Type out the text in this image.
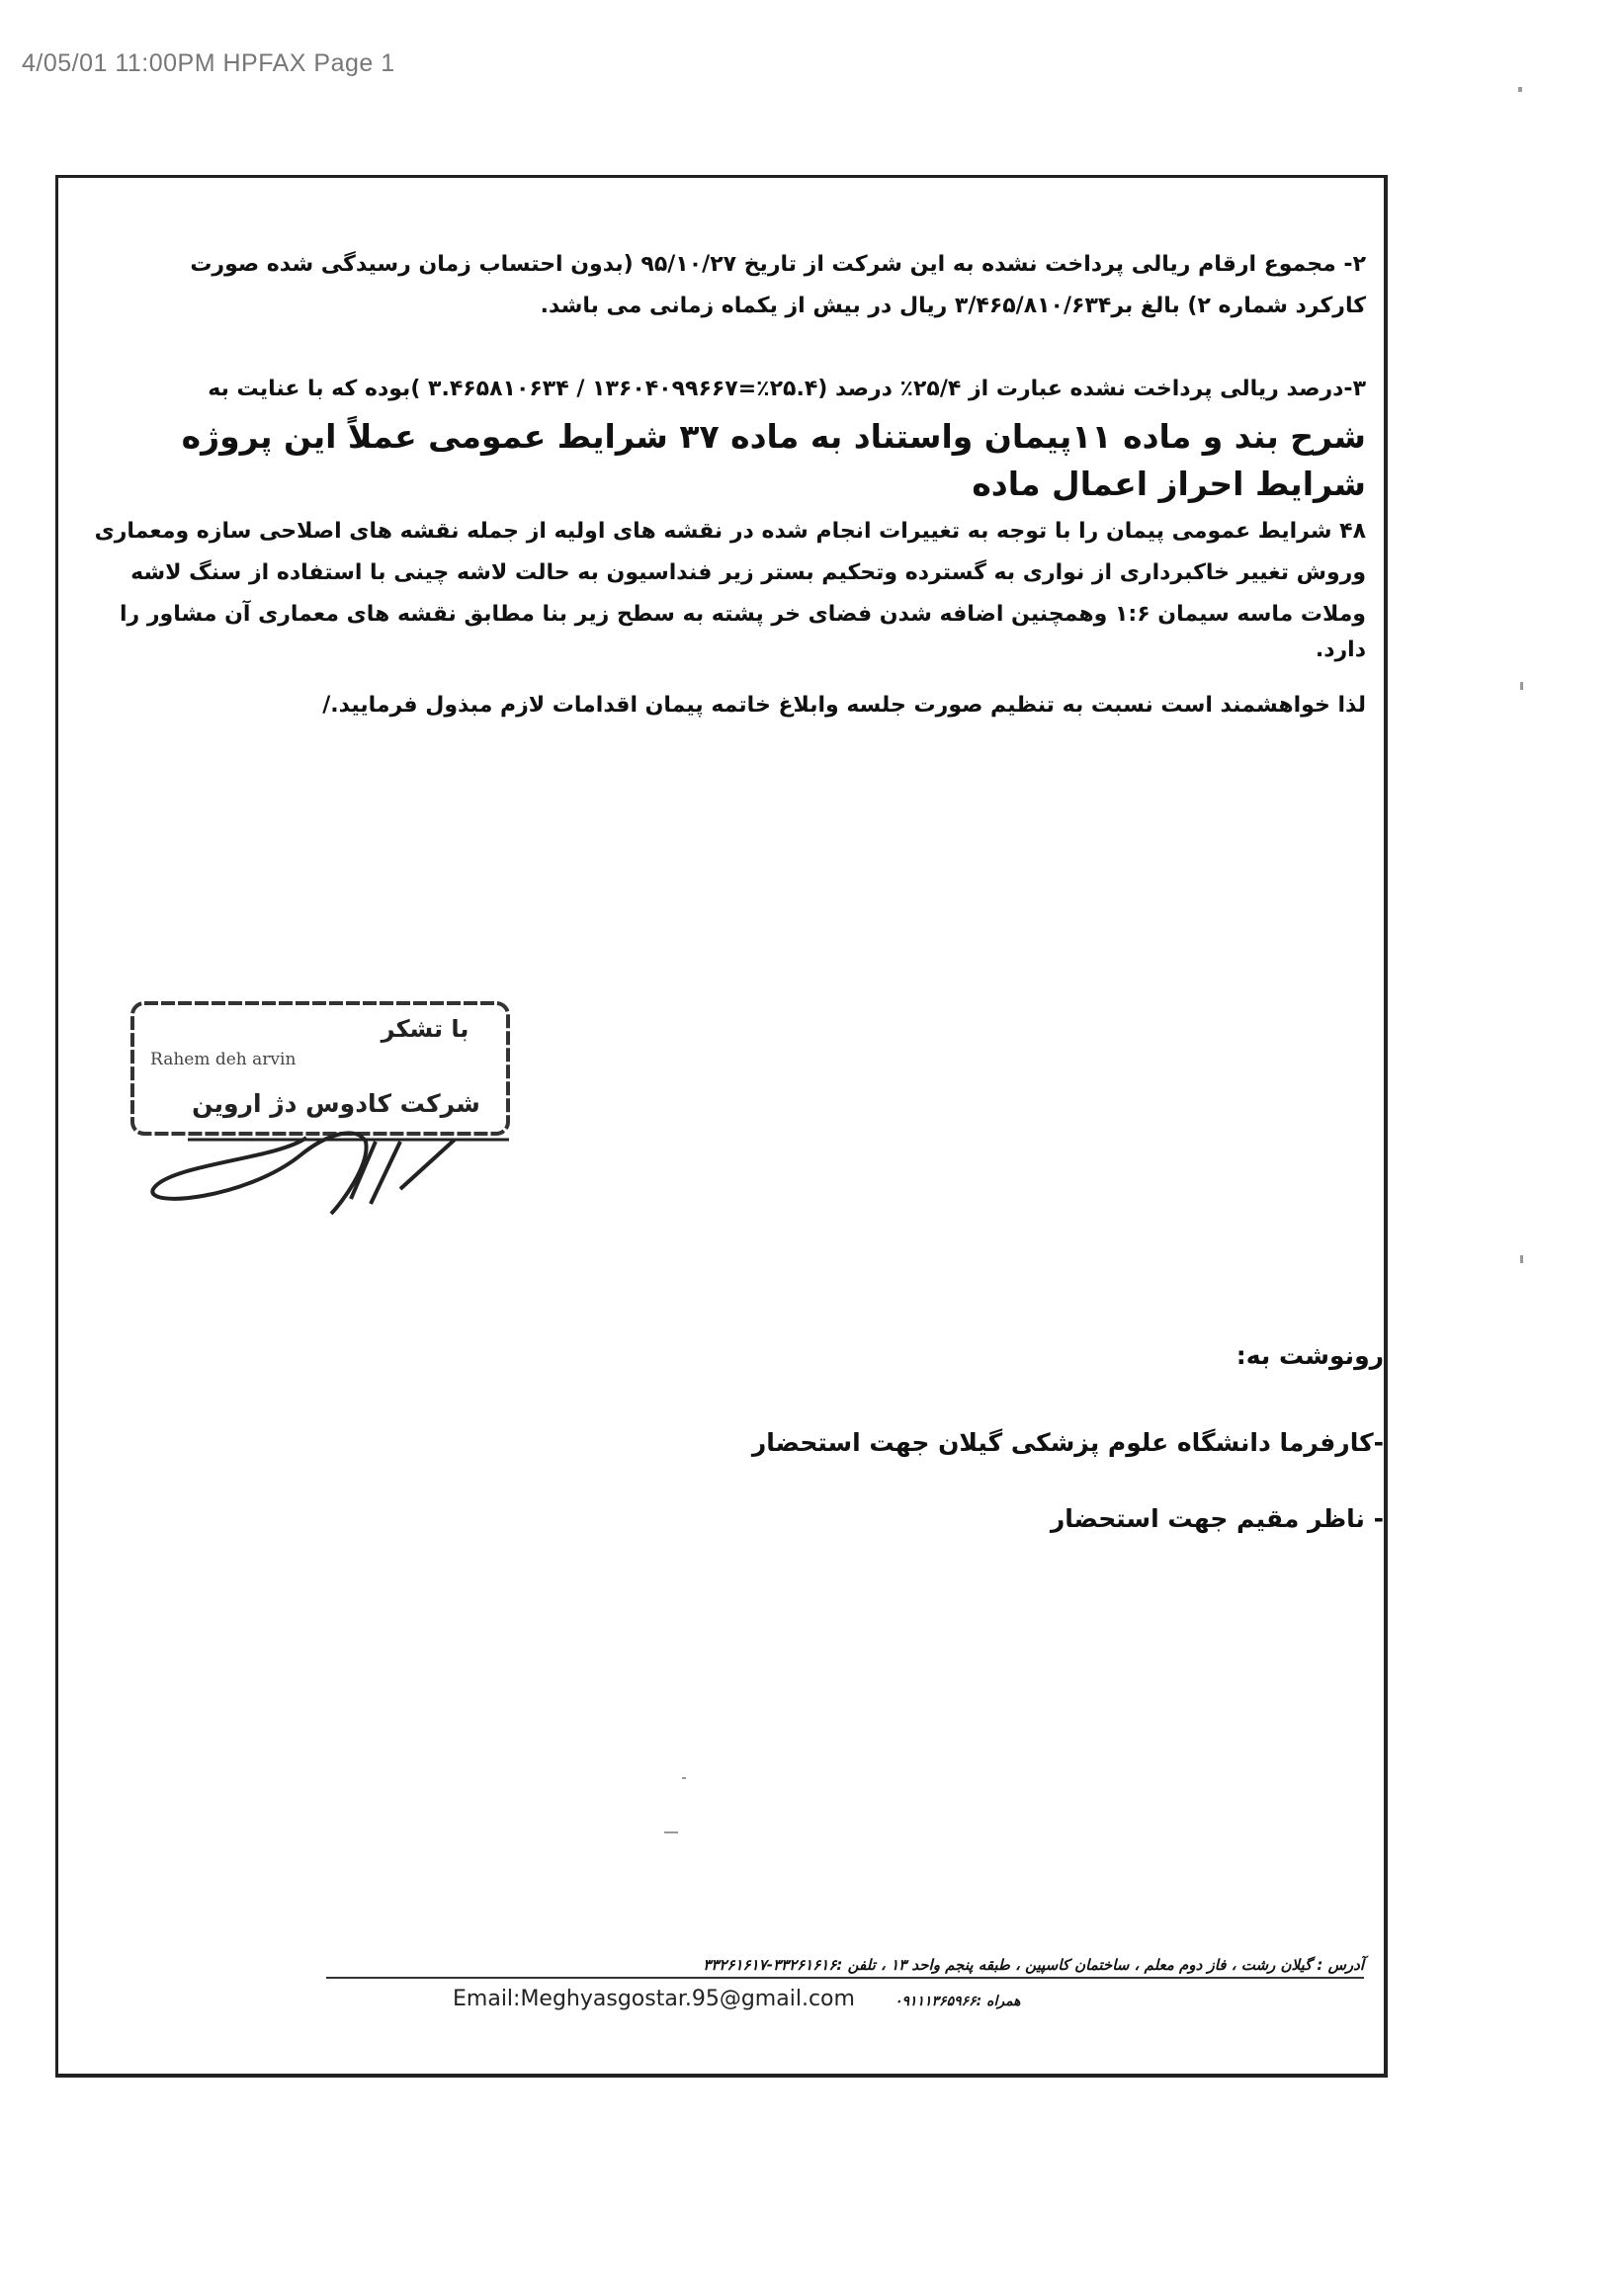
4/05/01 11:00PM HPFAX Page 1
۲- مجموع ارقام ریالی پرداخت نشده به این شرکت از تاریخ ۹۵/۱۰/۲۷ (بدون احتساب زمان رسیدگی شده صورت
کارکرد شماره ۲) بالغ بر۳/۴۶۵/۸۱۰/۶۳۴ ریال در بیش از یکماه زمانی می باشد.
۳-درصد ریالی پرداخت نشده عبارت از ۲۵/۴٪ درصد (۲۵.۴٪=۱۳۶۰۴۰۹۹۶۶۷ / ۳.۴۶۵۸۱۰۶۳۴ )بوده که با عنایت به
شرح بند و ماده ۱۱پیمان واستناد به ماده ۳۷ شرایط عمومی عملاً این پروژه شرایط احراز اعمال ماده
۴۸ شرایط عمومی پیمان را با توجه به تغییرات انجام شده در نقشه های اولیه از جمله نقشه های اصلاحی سازه ومعماری
وروش تغییر خاکبرداری از نواری به گسترده وتحکیم بستر زیر فنداسیون به حالت لاشه چینی با استفاده از سنگ لاشه
وملات ماسه سیمان ۱:۶ وهمچنین اضافه شدن فضای خر پشته به سطح زیر بنا مطابق نقشه های معماری آن مشاور را دارد.
لذا خواهشمند است نسبت به تنظیم صورت جلسه وابلاغ خاتمه پیمان اقدامات لازم مبذول فرمایید./
با تشکر
Rahem deh arvin
شرکت کادوس دژ اروین
رونوشت به:
-کارفرما دانشگاه علوم پزشکی گیلان جهت استحضار
- ناظر مقیم جهت استحضار
آدرس : گیلان رشت ، فاز دوم معلم ، ساختمان کاسپین ، طبقه پنجم واحد ۱۳ ، تلفن :۳۳۲۶۱۶۱۶-۳۳۲۶۱۶۱۷
Email:Meghyasgostar.95@gmail.com	همراه :۰۹۱۱۱۳۶۵۹۶۶
